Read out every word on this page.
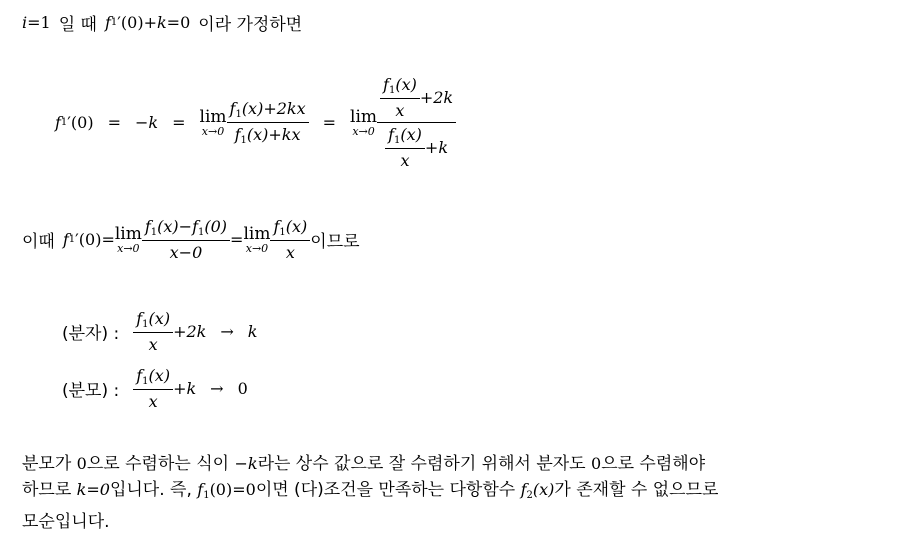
i =1 일 때 f 1 ′(0)+ k =0 이라 가정하면
f 1 ′(0) = − k = lim
$x\to 0 \frac{f_1(x)+2kx}{f_1(x)+kx} = \lim$
$x\to 0 \frac{\frac{f_1(x)}{x} +2k}{\frac{f_1(x)}{x} +k}$
이때 f 1 ′(0) = lim
$x\to 0 \frac{f_1(x)-f_1(0)}{x-0} = \lim$
$x\to 0 \frac{f_1(x)}{x}$ 이므로
(분자) : $\frac{f_1(x)}{x} +2k \to k$
(분모) : $\frac{f_1(x)}{x} +k \to 0$
분모가 0으로 수렴하는 식이 −k라는 상수 값으로 잘 수렴하기 위해서 분자도 0으로 수렴해야
하므로 k=0입니다. 즉, $f_1(0)=0$이면 (다)조건을 만족하는 다항함수 $f_2(x)$가 존재할 수 없으므로
모순입니다.
